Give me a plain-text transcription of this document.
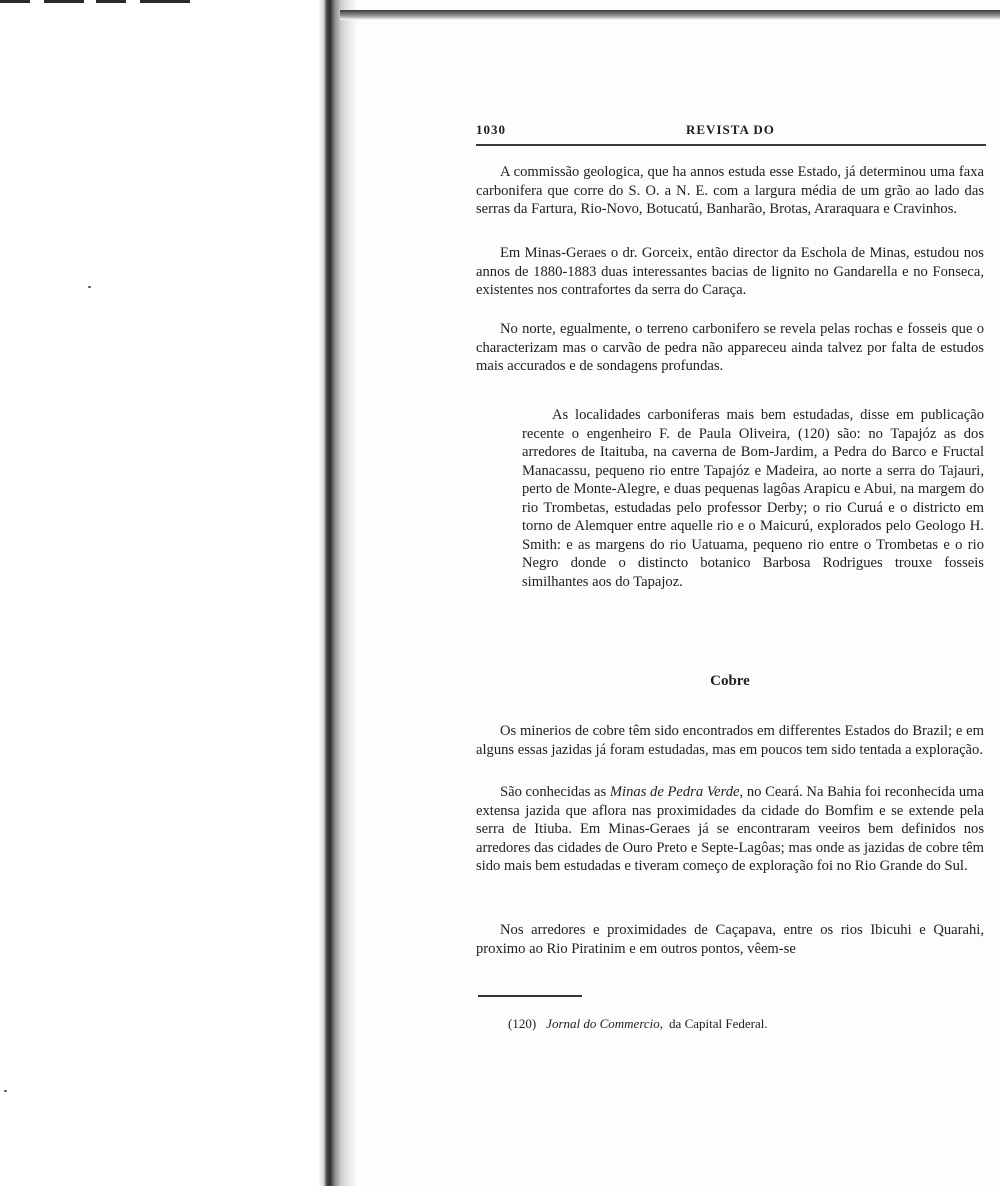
1030	REVISTA DO

A commissão geologica, que ha annos estuda esse Estado, já determinou uma faxa carbonifera que corre do S. O. a N. E. com a largura média de um grão ao lado das serras da Fartura, Rio-Novo, Botucatú, Banharão, Brotas, Araraquara e Cravinhos.

Em Minas-Geraes o dr. Gorceix, então director da Eschola de Minas, estudou nos annos de 1880-1883 duas interessantes bacias de lignito no Gandarella e no Fonseca, existentes nos contrafortes da serra do Caraça.

No norte, egualmente, o terreno carbonifero se revela pelas rochas e fosseis que o characterizam mas o carvão de pedra não appareceu ainda talvez por falta de estudos mais accurados e de sondagens profundas.

As localidades carboniferas mais bem estudadas, disse em publicação recente o engenheiro F. de Paula Oliveira, (120) são: no Tapajóz as dos arredores de Itaituba, na caverna de Bom-Jardim, a Pedra do Barco e Fructal Manacassu, pequeno rio entre Tapajóz e Madeira, ao norte a serra do Tajauri, perto de Monte-Alegre, e duas pequenas lagôas Arapicu e Abui, na margem do rio Trombetas, estudadas pelo professor Derby; o rio Curuá e o districto em torno de Alemquer entre aquelle rio e o Maicurú, explorados pelo Geologo H. Smith: e as margens do rio Uatuama, pequeno rio entre o Trombetas e o rio Negro donde o distincto botanico Barbosa Rodrigues trouxe fosseis similhantes aos do Tapajoz.

Cobre

Os minerios de cobre têm sido encontrados em differentes Estados do Brazil; e em alguns essas jazidas já foram estudadas, mas em poucos tem sido tentada a exploração.

São conhecidas as Minas de Pedra Verde, no Ceará. Na Bahia foi reconhecida uma extensa jazida que aflora nas proximidades da cidade do Bomfim e se extende pela serra de Itiuba. Em Minas-Geraes já se encontraram veeiros bem definidos nos arredores das cidades de Ouro Preto e Septe-Lagôas; mas onde as jazidas de cobre têm sido mais bem estudadas e tiveram começo de exploração foi no Rio Grande do Sul.

Nos arredores e proximidades de Caçapava, entre os rios Ibicuhi e Quarahi, proximo ao Rio Piratinim e em outros pontos, vêem-se

(120) Jornal do Commercio, da Capital Federal.
